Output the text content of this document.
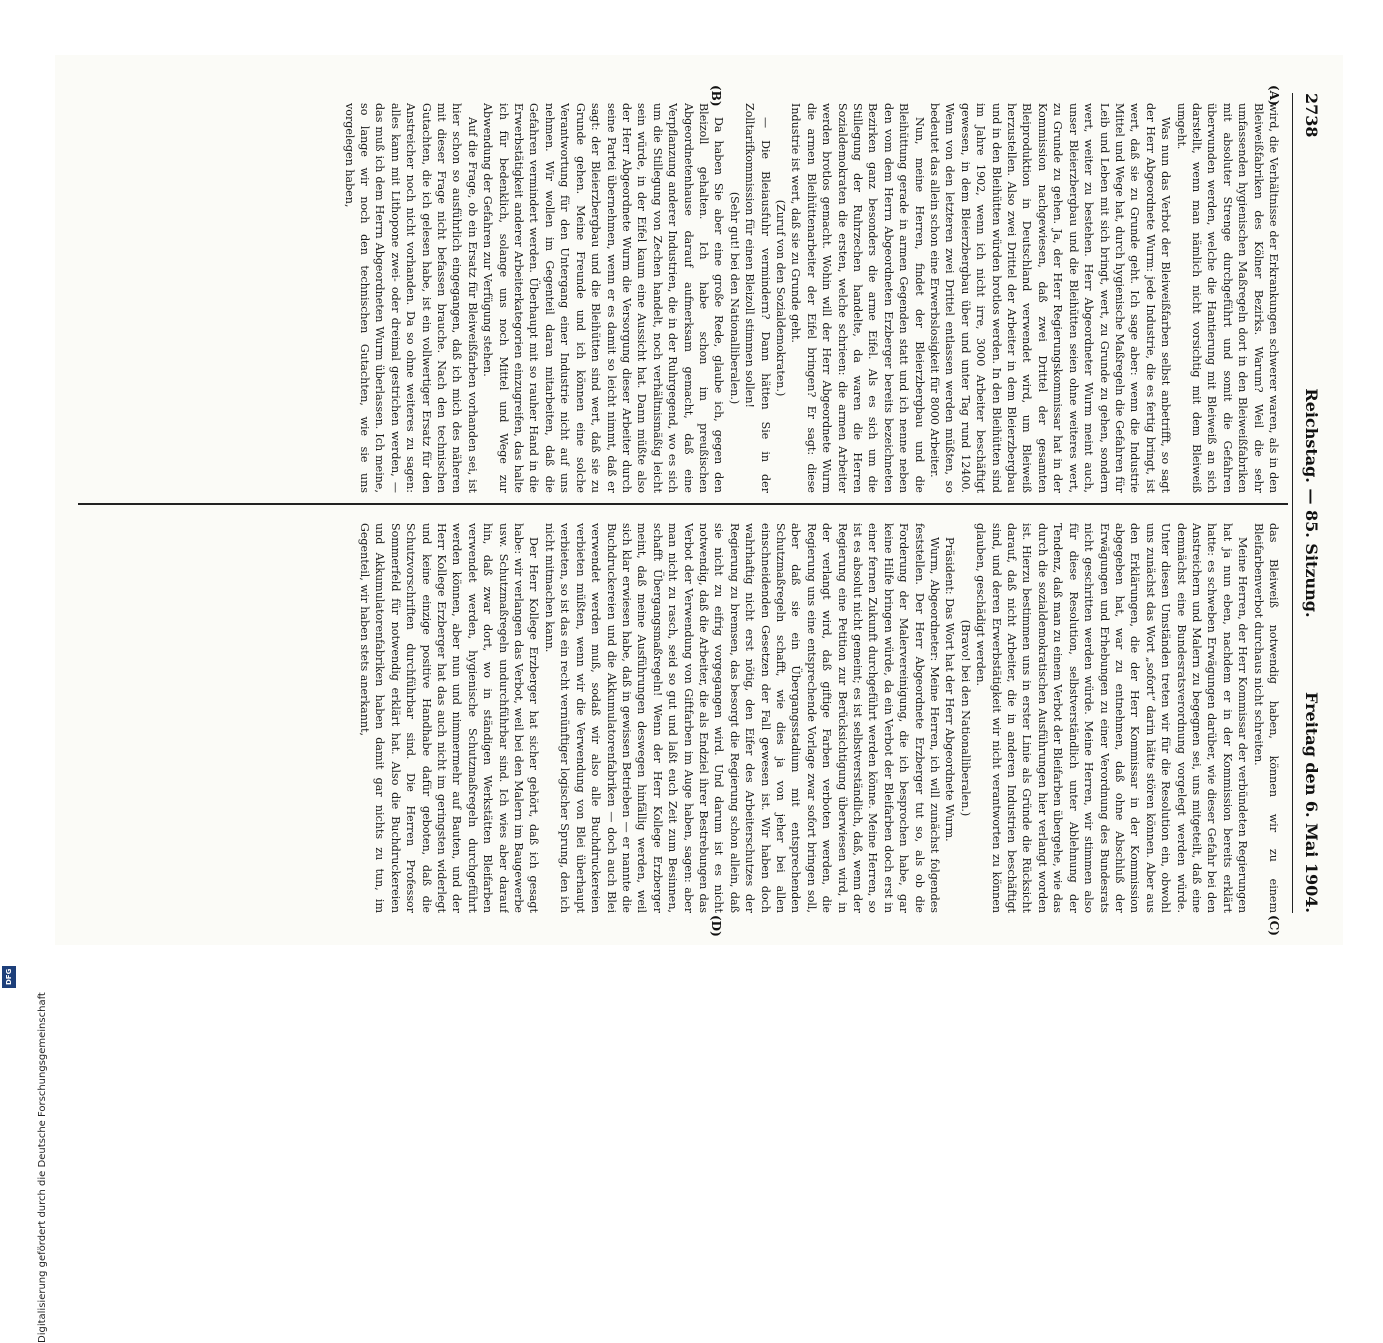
2738
Reichstag. — 85. Sitzung.
Freitag den 6. Mai 1904.
(A)
(B)
(C)
(D)

wird, die Verhältnisse der Erkrankungen schwerer waren, als in den Bleiweißfabriken des Kölner Bezirks. Warum? Weil die sehr umfassenden hygienischen Maßregeln dort in den Bleiweißfabriken mit absoluter Strenge durchgeführt und somit die Gefahren überwunden werden, welche die Hantierung mit Bleiweiß an sich darstellt, wenn man nämlich nicht vorsichtig mit dem Bleiweiß umgeht.

Was nun das Verbot der Bleiweißfarben selbst anbetrifft, so sagt der Herr Abgeordnete Wurm: jede Industrie, die es fertig bringt, ist wert, daß sie zu Grunde geht. Ich sage aber: wenn die Industrie Mittel und Wege hat, durch hygienische Maßregeln die Gefahren für Leib und Leben mit sich bringt, wert, zu Grunde zu gehen, sondern wert, weiter zu bestehen. Herr Abgeordneter Wurm meint auch, unser Bleierzbergbau und die Bleihütten seien ohne weiteres wert, zu Grunde zu gehen. Ja, der Herr Regierungskommissar hat in der Kommission nachgewiesen, daß zwei Drittel der gesamten Bleiproduktion in Deutschland verwendet wird, um Bleiweiß herzustellen. Also zwei Drittel der Arbeiter in dem Bleierzbergbau und in den Bleihütten würden brotlos werden. In den Bleihütten sind im Jahre 1902, wenn ich nicht irre, 3000 Arbeiter beschäftigt gewesen, in dem Bleierzbergbau über und unter Tag rund 12400. Wenn von den letzteren zwei Drittel entlassen werden müßten, so bedeutet das allein schon eine Erwerbslosigkeit für 8000 Arbeiter.

Nun, meine Herren, findet der Bleierzbergbau und die Bleihüttung gerade in armen Gegenden statt und ich nenne neben den vom dem Herrn Abgeordneten Erzberger bereits bezeichneten Bezirken ganz besonders die arme Eifel. Als es sich um die Stillegung der Ruhrzechen handelte, da waren die Herren Sozialdemokraten die ersten, welche schrieen: die armen Arbeiter werden brotlos gemacht. Wohin will der Herr Abgeordnete Wurm die armen Bleihüttenarbeiter der Eifel bringen? Er sagt: diese Industrie ist wert, daß sie zu Grunde geht.

(Zuruf von den Sozialdemokraten.)

— Die Bleiausfuhr vermindern? Dann hätten Sie in der Zolltarifkommission für einen Bleizoll stimmen sollen!

(Sehr gut! bei den Nationalliberalen.)

Da haben Sie aber eine große Rede, glaube ich, gegen den Bleizoll gehalten. Ich habe schon im preußischen Abgeordnetenhause darauf aufmerksam gemacht, daß eine Verpflanzung anderer Industrien, die in der Ruhrgegend, wo es sich um die Stillegung von Zechen handelt, noch verhältnismäßig leicht sein würde, in der Eifel kaum eine Aussicht hat. Dann müßte also der Herr Abgeordnete Wurm die Versorgung dieser Arbeiter durch seine Partei übernehmen, wenn er es damit so leicht nimmt, daß er sagt: der Bleierzbergbau und die Bleihütten sind wert, daß sie zu Grunde gehen. Meine Freunde und ich können eine solche Verantwortung für den Untergang einer Industrie nicht auf uns nehmen. Wir wollen im Gegenteil daran mitarbeiten, daß die Gefahren vermindert werden. Überhaupt mit so rauher Hand in die Erwerbstätigkeit anderer Arbeiterkategorien einzugreifen, das halte ich für bedenklich, solange uns noch Mittel und Wege zur Abwendung der Gefahren zur Verfügung stehen.

Auf die Frage, ob ein Ersatz für Bleiweißfarben vorhanden sei, ist hier schon so ausführlich eingegangen, daß ich mich des näheren mit dieser Frage nicht befassen brauche. Nach den technischen Gutachten, die ich gelesen habe, ist ein vollwertiger Ersatz für den Anstreicher noch nicht vorhanden. Da so ohne weiteres zu sagen: alles kann mit Lithopone zwei- oder dreimal gestrichen werden, — das muß ich dem Herrn Abgeordneten Wurm überlassen. Ich meine, so lange wir noch den technischen Gutachten, wie sie uns vorgelegen haben,

das Bleiweiß notwendig haben, können wir zu einem Bleifarbenverbot durchaus nicht schreiten.

Meine Herren, der Herr Kommissar der verbündeten Regierungen hat ja nun eben, nachdem er in der Kommission bereits erklärt hatte: es schweben Erwägungen darüber, wie dieser Gefahr bei den Anstreichern und Malern zu begegnen sei, uns mitgeteilt, daß eine demnächst eine Bundesratsverordnung vorgelegt werden würde. Unter diesen Umständen treten wir für die Resolution ein, obwohl uns zunächst das Wort „sofort“ darin hätte stören können. Aber aus den Erklärungen, die der Herr Kommissar in der Kommission abgegeben hat, war zu entnehmen, daß ohne Abschluß der Erwägungen und Erhebungen zu einer Verordnung des Bundesrats nicht geschritten werden würde. Meine Herren, wir stimmen also für diese Resolution, selbstverständlich unter Ablehnung der Tendenz, daß man zu einem Verbot der Bleifarben übergehe, wie das durch die sozialdemokratischen Ausführungen hier verlangt worden ist. Hierzu bestimmen uns in erster Linie als Gründe die Rücksicht darauf, daß nicht Arbeiter, die in anderen Industrien beschäftigt sind, und deren Erwerbstätigkeit wir nicht verantworten zu können glauben, geschädigt werden.

(Bravo! bei den Nationalliberalen.)

Präsident: Das Wort hat der Herr Abgeordnete Wurm.

Wurm, Abgeordneter: Meine Herren, ich will zunächst folgendes feststellen. Der Herr Abgeordnete Erzberger tut so, als ob die Forderung der Malervereinigung, die ich besprochen habe, gar keine Hilfe bringen würde, da ein Verbot der Bleifarben doch erst in einer fernen Zukunft durchgeführt werden könne. Meine Herren, so ist es absolut nicht gemeint; es ist selbstverständlich, daß, wenn der Regierung eine Petition zur Berücksichtigung überwiesen wird, in der verlangt wird, daß giftige Farben verboten werden, die Regierung uns eine entsprechende Vorlage zwar sofort bringen soll, aber daß sie ein Übergangsstadium mit entsprechenden Schutzmaßregeln schafft, wie dies ja von jeher bei allen einschneidenden Gesetzen der Fall gewesen ist. Wir haben doch wahrhaftig nicht erst nötig, den Eifer des Arbeiterschutzes der Regierung zu bremsen, das besorgt die Regierung schon allein, daß sie nicht zu eifrig vorgegangen wird. Und darum ist es nicht notwendig, daß die Arbeiter, die als Endziel ihrer Bestrebungen das Verbot der Verwendung von Giftfarben im Auge haben, sagen: aber man nicht zu rasch, seid so gut und laßt euch Zeit zum Besinnen, schafft Übergangsmaßregeln! Wenn der Herr Kollege Erzberger meint, daß meine Ausführungen deswegen hinfällig werden, weil sich klar erwiesen habe, daß in gewissen Betrieben — er nannte die Buchdruckereien und die Akkumulatorenfabriken — doch auch Blei verwendet werden muß, sodaß wir also alle Buchdruckereien verbieten müßten, wenn wir die Verwendung von Blei überhaupt verbieten, so ist das ein recht vernünftiger logischer Sprung, den ich nicht mitmachen kann.

Der Herr Kollege Erzberger hat sicher gehört, daß ich gesagt habe: wir verlangen das Verbot, weil bei den Malern im Baugewerbe usw. Schutzmaßregeln undurchführbar sind. Ich wies aber darauf hin, daß zwar dort, wo in ständigen Werkstätten Bleifarben verwendet werden, hygienische Schutzmaßregeln durchgeführt werden können, aber nun und nimmermehr auf Bauten, und der Herr Kollege Erzberger hat das auch nicht im geringsten widerlegt und keine einzige positive Handhabe dafür geboten, daß die Schutzvorschriften durchführbar sind. Die Herren Professor Sommerfeld für notwendig erklärt hat. Also die Buchdruckereien und Akkumulatorenfabriken haben damit gar nichts zu tun, im Gegenteil, wir haben stets anerkannt,

Digitalisierung gefördert durch die Deutsche Forschungsgemeinschaft
DFG
